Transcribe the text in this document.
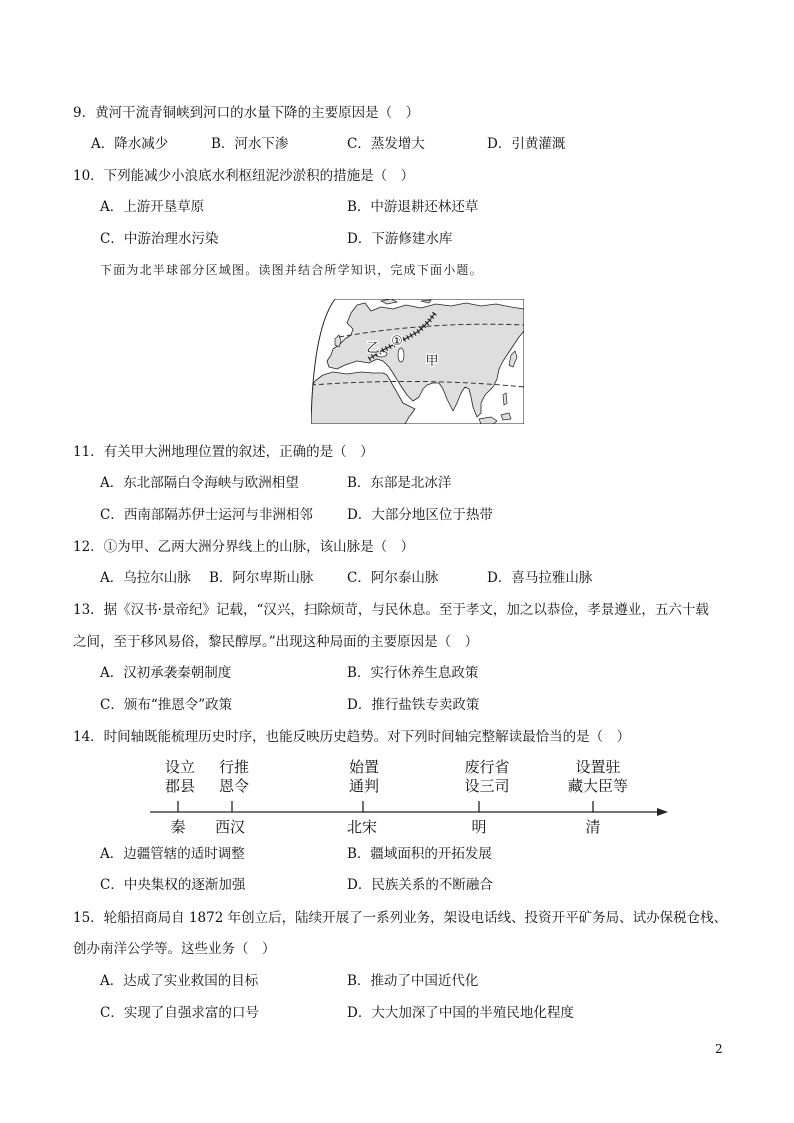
9．黄河干流青铜峡到河口的水量下降的主要原因是（　）
A．降水减少	B．河水下渗	C．蒸发增大	D．引黄灌溉
10．下列能减少小浪底水利枢纽泥沙淤积的措施是（　）
A．上游开垦草原	B．中游退耕还林还草
C．中游治理水污染	D．下游修建水库
下面为北半球部分区域图。读图并结合所学知识，完成下面小题。
乙 ①
甲
11．有关甲大洲地理位置的叙述，正确的是（　）
A．东北部隔白令海峡与欧洲相望	B．东部是北冰洋
C．西南部隔苏伊士运河与非洲相邻	D．大部分地区位于热带
12．①为甲、乙两大洲分界线上的山脉，该山脉是（　）
A．乌拉尔山脉 B．阿尔卑斯山脉 C．阿尔泰山脉	D．喜马拉雅山脉
13．据《汉书·景帝纪》记载，“汉兴，扫除烦苛，与民休息。至于孝文，加之以恭俭，孝景遵业，五六十载
之间，至于移风易俗，黎民醇厚。”出现这种局面的主要原因是（　）
A．汉初承袭秦朝制度	B．实行休养生息政策
C．颁布“推恩令”政策	D．推行盐铁专卖政策
14．时间轴既能梳理历史时序，也能反映历史趋势。对下列时间轴完整解读最恰当的是（　）
设立
郡县
行推
恩令
始置
通判
废行省
设三司
设置驻
藏大臣等
秦 西汉	北宋	明	清
A．边疆管辖的适时调整	B．疆域面积的开拓发展
C．中央集权的逐渐加强	D．民族关系的不断融合
15．轮船招商局自 1872 年创立后，陆续开展了一系列业务，架设电话线、投资开平矿务局、试办保税仓栈、
创办南洋公学等。这些业务（　）
A．达成了实业救国的目标	B．推动了中国近代化
C．实现了自强求富的口号	D．大大加深了中国的半殖民地化程度
2
